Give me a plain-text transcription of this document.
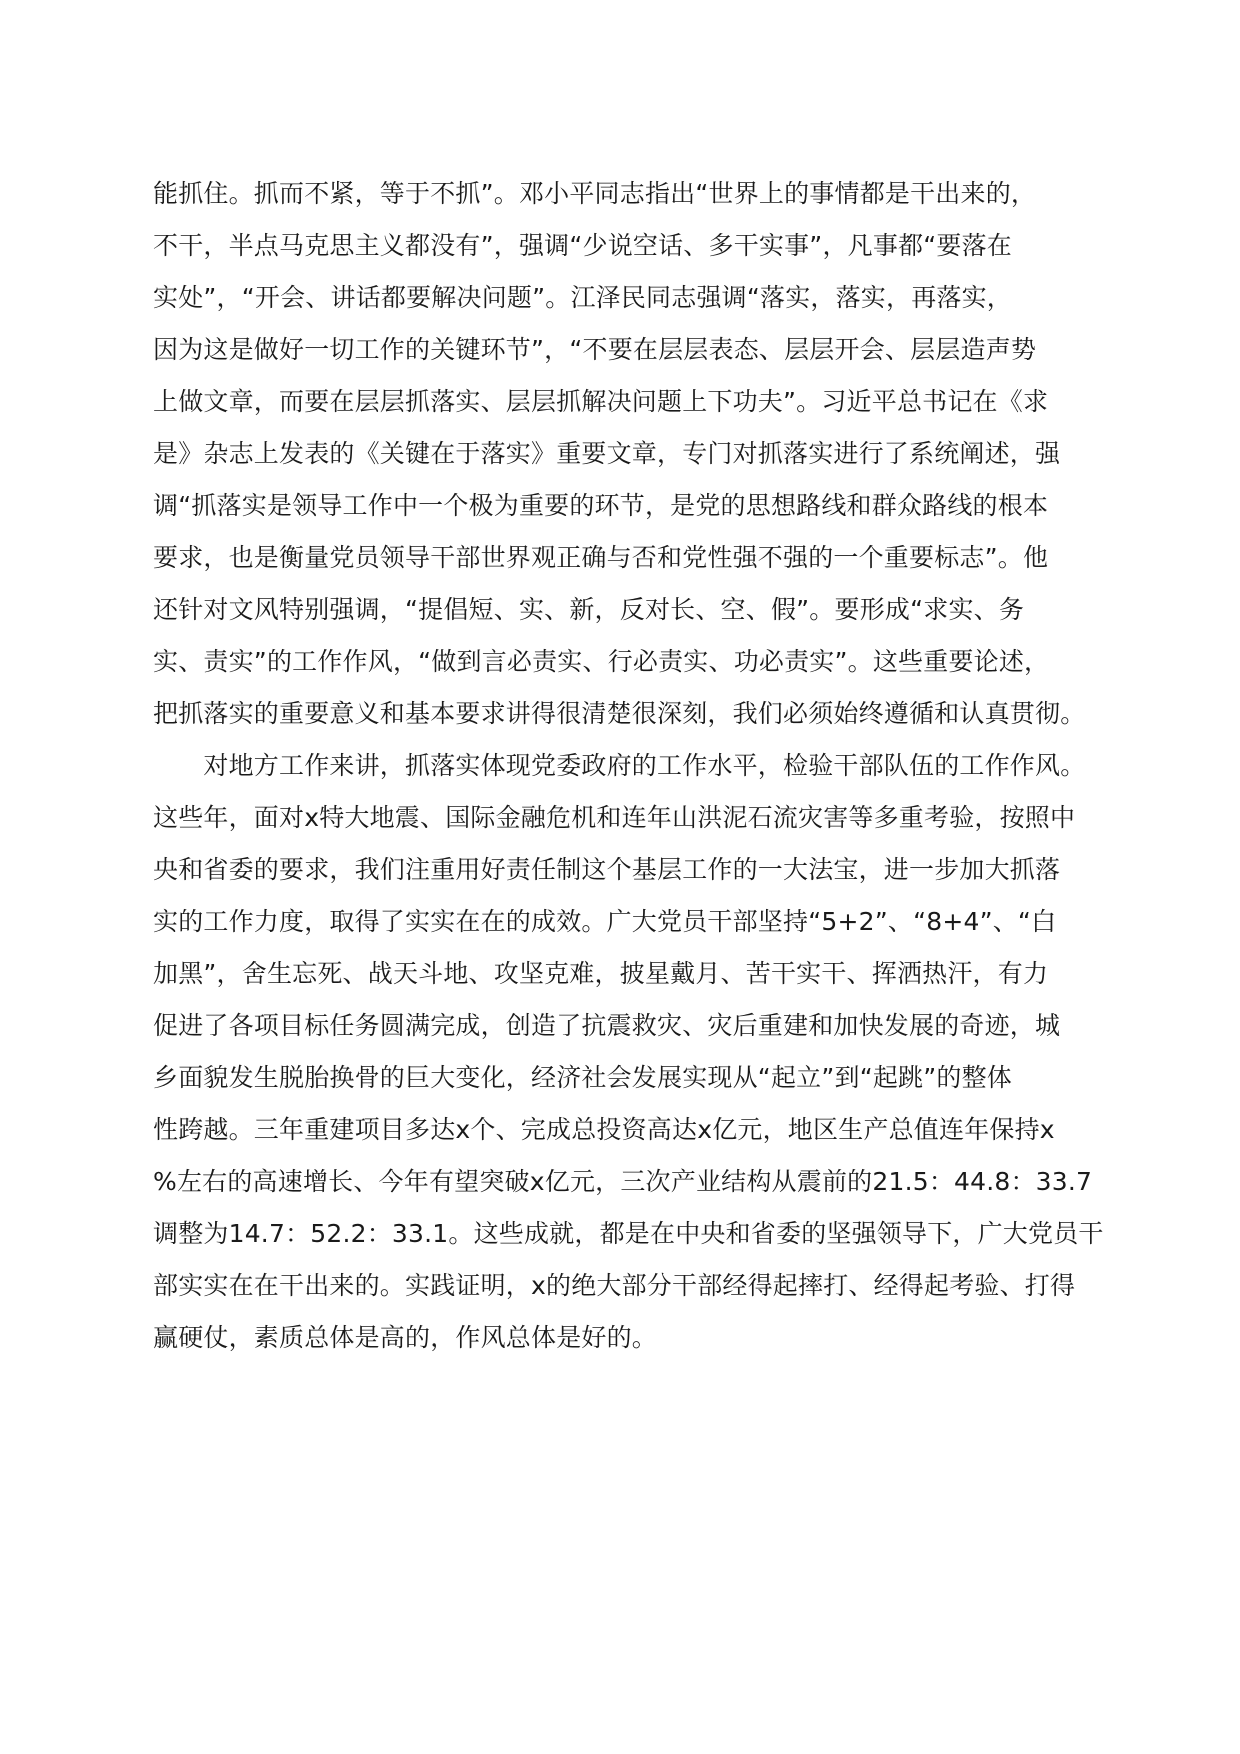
能抓住。抓而不紧，等于不抓”。邓小平同志指出“世界上的事情都是干出来的，
不干，半点马克思主义都没有”，强调“少说空话、多干实事”，凡事都“要落在
实处”，“开会、讲话都要解决问题”。江泽民同志强调“落实，落实，再落实，
因为这是做好一切工作的关键环节”，“不要在层层表态、层层开会、层层造声势
上做文章，而要在层层抓落实、层层抓解决问题上下功夫”。习近平总书记在《求
是》杂志上发表的《关键在于落实》重要文章，专门对抓落实进行了系统阐述，强
调“抓落实是领导工作中一个极为重要的环节，是党的思想路线和群众路线的根本
要求，也是衡量党员领导干部世界观正确与否和党性强不强的一个重要标志”。他
还针对文风特别强调，“提倡短、实、新，反对长、空、假”。要形成“求实、务
实、责实”的工作作风，“做到言必责实、行必责实、功必责实”。这些重要论述，
把抓落实的重要意义和基本要求讲得很清楚很深刻，我们必须始终遵循和认真贯彻。
　　对地方工作来讲，抓落实体现党委政府的工作水平，检验干部队伍的工作作风。
这些年，面对x特大地震、国际金融危机和连年山洪泥石流灾害等多重考验，按照中
央和省委的要求，我们注重用好责任制这个基层工作的一大法宝，进一步加大抓落
实的工作力度，取得了实实在在的成效。广大党员干部坚持“5+2”、“8+4”、“白
加黑”，舍生忘死、战天斗地、攻坚克难，披星戴月、苦干实干、挥洒热汗，有力
促进了各项目标任务圆满完成，创造了抗震救灾、灾后重建和加快发展的奇迹，城
乡面貌发生脱胎换骨的巨大变化，经济社会发展实现从“起立”到“起跳”的整体
性跨越。三年重建项目多达x个、完成总投资高达x亿元，地区生产总值连年保持x
%左右的高速增长、今年有望突破x亿元，三次产业结构从震前的21.5：44.8：33.7
调整为14.7：52.2：33.1。这些成就，都是在中央和省委的坚强领导下，广大党员干
部实实在在干出来的。实践证明，x的绝大部分干部经得起摔打、经得起考验、打得
赢硬仗，素质总体是高的，作风总体是好的。
